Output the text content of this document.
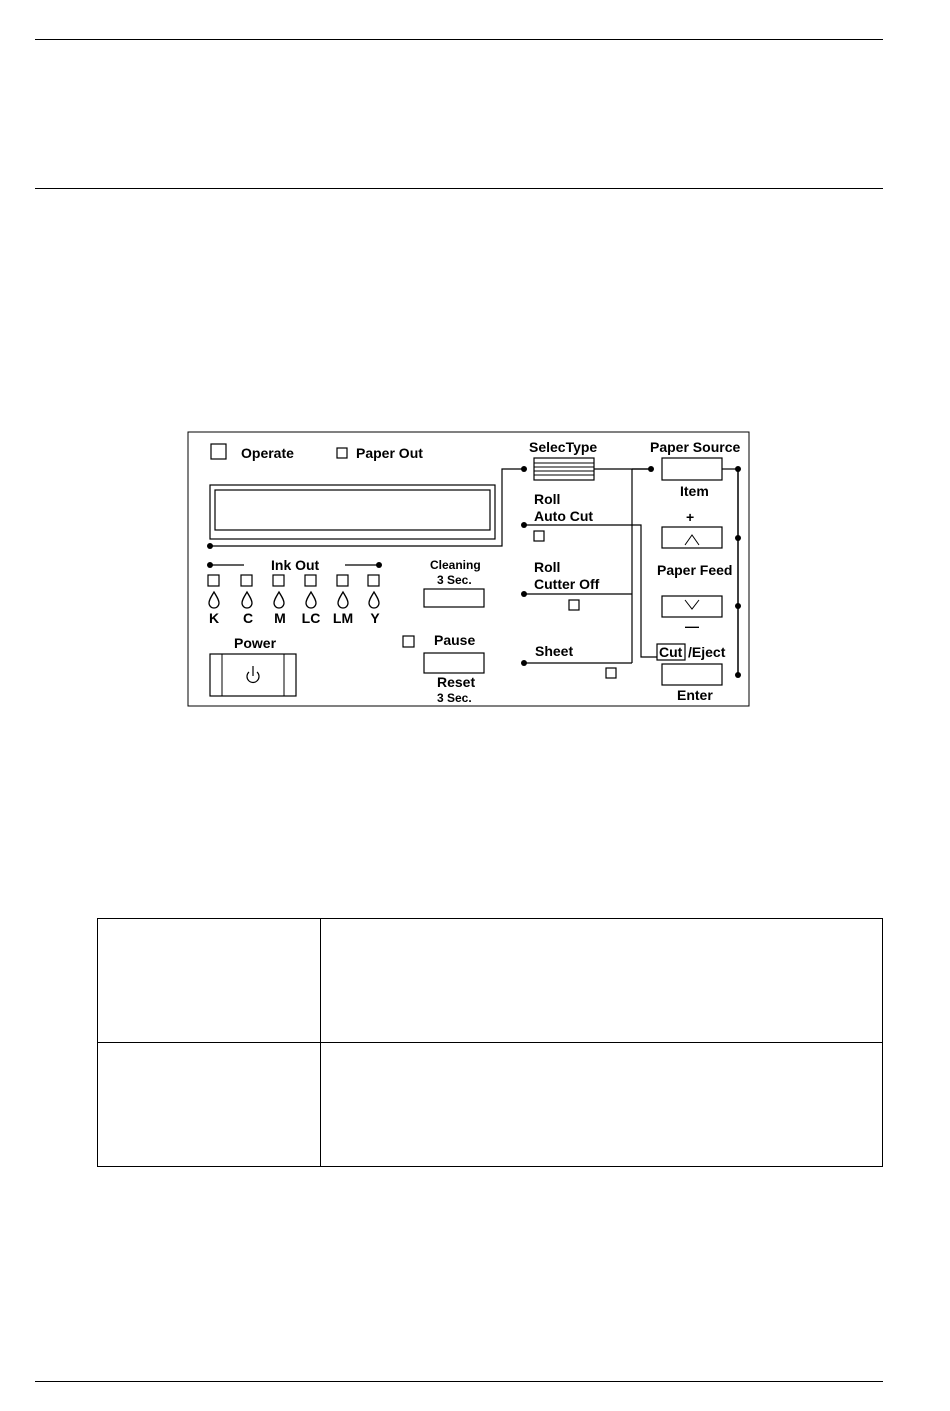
Operate	Paper Out	SelecType	Paper Source
Item
+
Roll
Auto Cut
Roll
Cutter Off
Sheet
Paper Feed
—
Cut /Eject
Enter
Ink Out
K C M LC LM Y
Cleaning
3 Sec.
Power	Pause
Reset
3 Sec.
